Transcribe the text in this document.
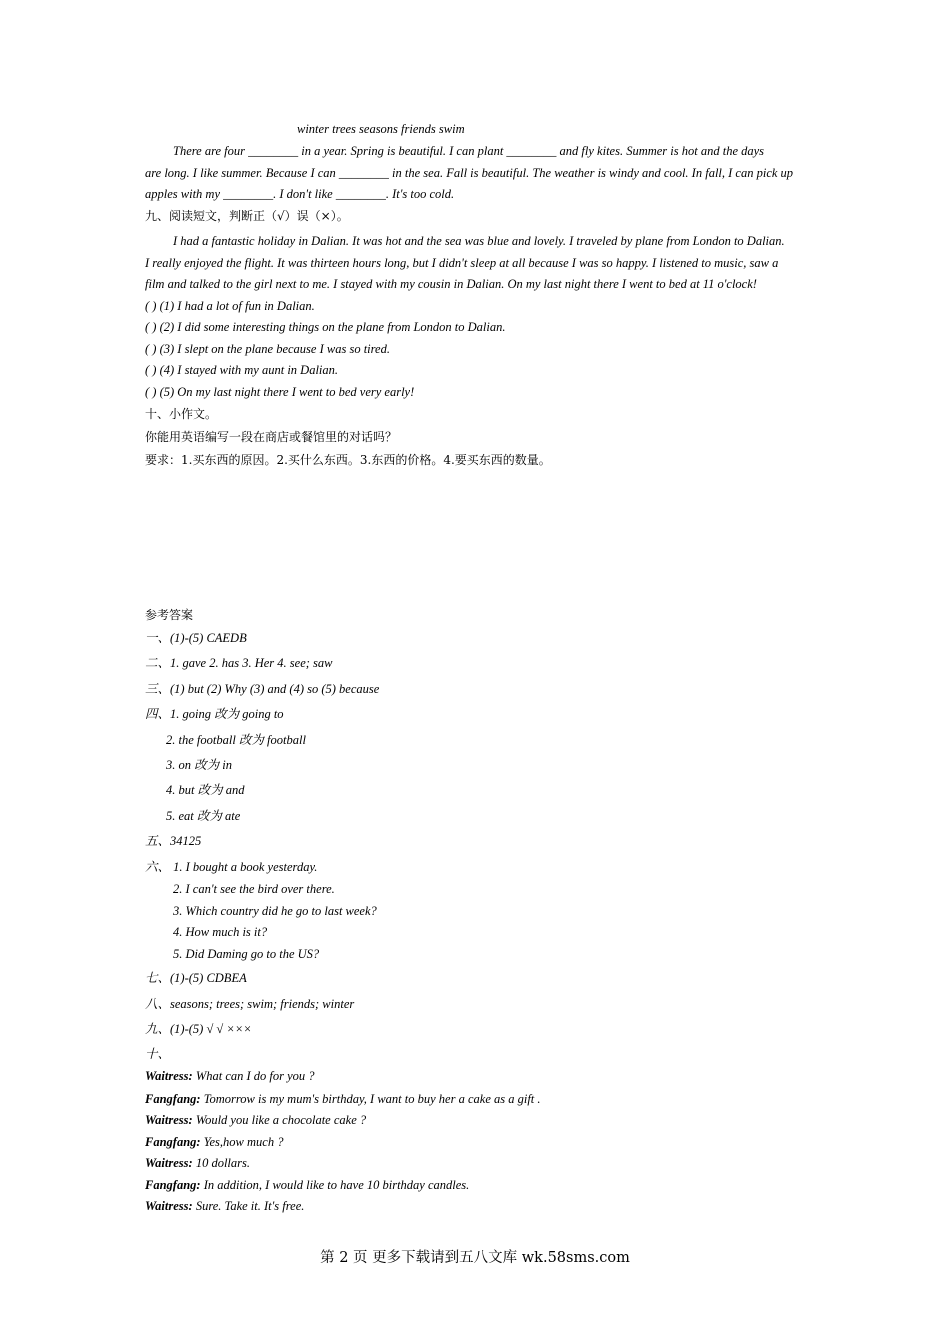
winter trees seasons friends swim
There are four ________ in a year. Spring is beautiful. I can plant ________ and fly kites. Summer is hot and the days
are long. I like summer. Because I can ________ in the sea. Fall is beautiful. The weather is windy and cool. In fall, I can pick up
apples with my ________. I don't like ________. It's too cold.
九、阅读短文，判断正（√）误（×）。
I had a fantastic holiday in Dalian. It was hot and the sea was blue and lovely. I traveled by plane from London to Dalian.
I really enjoyed the flight. It was thirteen hours long, but I didn't sleep at all because I was so happy. I listened to music, saw a
film and talked to the girl next to me. I stayed with my cousin in Dalian. On my last night there I went to bed at 11 o'clock!
( ) (1) I had a lot of fun in Dalian.
( ) (2) I did some interesting things on the plane from London to Dalian.
( ) (3) I slept on the plane because I was so tired.
( ) (4) I stayed with my aunt in Dalian.
( ) (5) On my last night there I went to bed very early!
十、小作文。
你能用英语编写一段在商店或餐馆里的对话吗？
要求：1.买东西的原因。2.买什么东西。3.东西的价格。4.要买东西的数量。
参考答案
一、(1)-(5) CAEDB
二、1. gave 2. has 3. Her 4. see; saw
三、(1) but (2) Why (3) and (4) so (5) because
四、1. going 改为 going to
2. the football 改为 football
3. on 改为 in
4. but 改为 and
5. eat 改为 ate
五、34125
六、 1. I bought a book yesterday.
2. I can't see the bird over there.
3. Which country did he go to last week?
4. How much is it?
5. Did Daming go to the US?
七、(1)-(5) CDBEA
八、seasons; trees; swim; friends; winter
九、(1)-(5) √ √ ×××
十、
Waitress: What can I do for you ?
Fangfang: Tomorrow is my mum's birthday, I want to buy her a cake as a gift .
Waitress: Would you like a chocolate cake ?
Fangfang: Yes,how much ?
Waitress: 10 dollars.
Fangfang: In addition, I would like to have 10 birthday candles.
Waitress: Sure. Take it. It's free.
第 2 页 更多下载请到五八文库 wk.58sms.com
